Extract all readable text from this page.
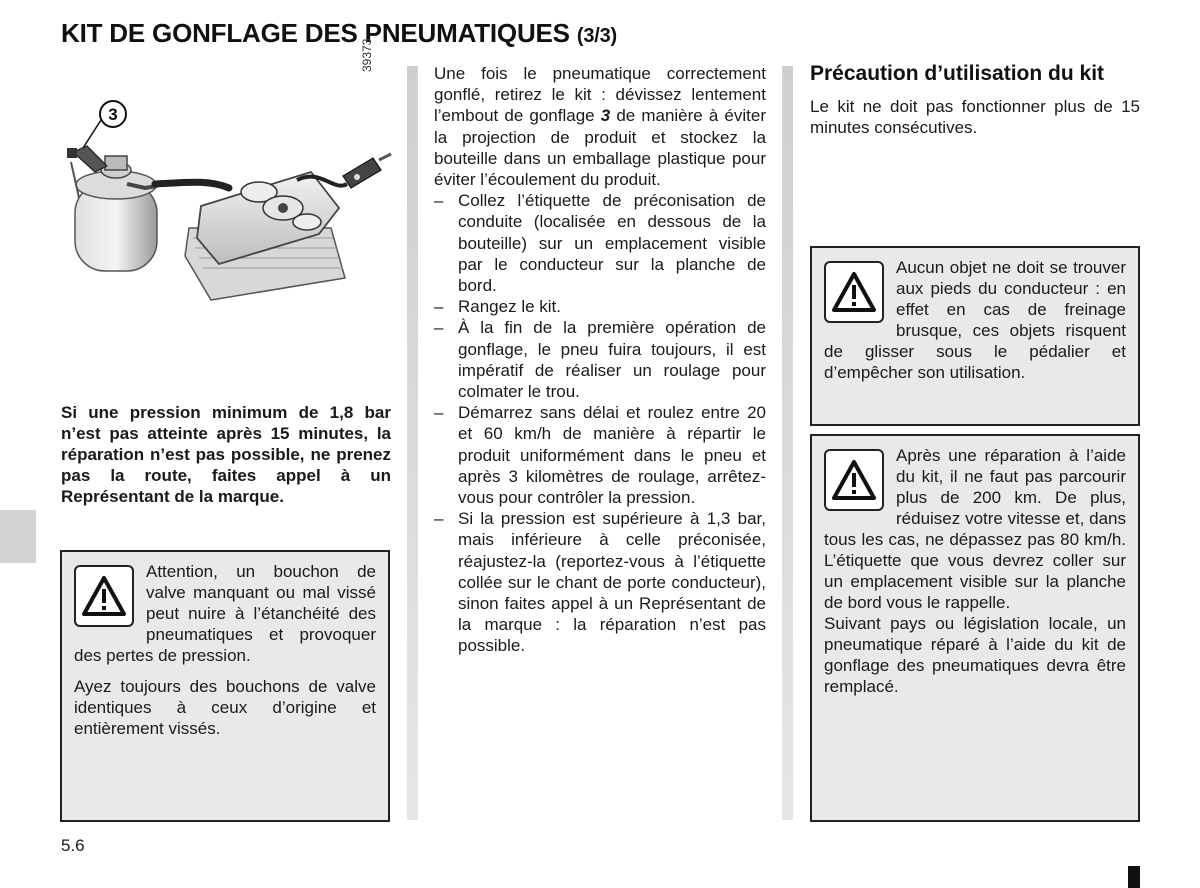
KIT DE GONFLAGE DES PNEUMATIQUES (3/3)
3
39373

Si une pression minimum de 1,8 bar n’est pas atteinte après 15 minutes, la réparation n’est pas possible, ne prenez pas la route, faites appel à un Représentant de la marque.

Attention, un bouchon de valve manquant ou mal vissé peut nuire à l’étanchéité des pneumatiques et provoquer des pertes de pression.

Ayez toujours des bouchons de valve identiques à ceux d’origine et entièrement vissés.

Une fois le pneumatique correctement gonflé, retirez le kit : dévissez lentement l’embout de gonflage 3 de manière à éviter la projection de produit et stockez la bouteille dans un emballage plastique pour éviter l’écoulement du produit.

– Collez l’étiquette de préconisation de conduite (localisée en dessous de la bouteille) sur un emplacement visible par le conducteur sur la planche de bord.
– Rangez le kit.
– À la fin de la première opération de gonflage, le pneu fuira toujours, il est impératif de réaliser un roulage pour colmater le trou.
– Démarrez sans délai et roulez entre 20 et 60 km/h de manière à répartir le produit uniformément dans le pneu et après 3 kilomètres de roulage, arrêtez-vous pour contrôler la pression.
– Si la pression est supérieure à 1,3 bar, mais inférieure à celle préconisée, réajustez-la (reportez-vous à l’étiquette collée sur le chant de porte conducteur), sinon faites appel à un Représentant de la marque : la réparation n’est pas possible.
Précaution d’utilisation du kit

Le kit ne doit pas fonctionner plus de 15 minutes consécutives.

Aucun objet ne doit se trouver aux pieds du conducteur : en effet en cas de freinage brusque, ces objets risquent de glisser sous le pédalier et d’empêcher son utilisation.

Après une réparation à l’aide du kit, il ne faut pas parcourir plus de 200 km. De plus, réduisez votre vitesse et, dans tous les cas, ne dépassez pas 80 km/h. L’étiquette que vous devrez coller sur un emplacement visible sur la planche de bord vous le rappelle.

Suivant pays ou législation locale, un pneumatique réparé à l’aide du kit de gonflage des pneumatiques devra être remplacé.

5.6
